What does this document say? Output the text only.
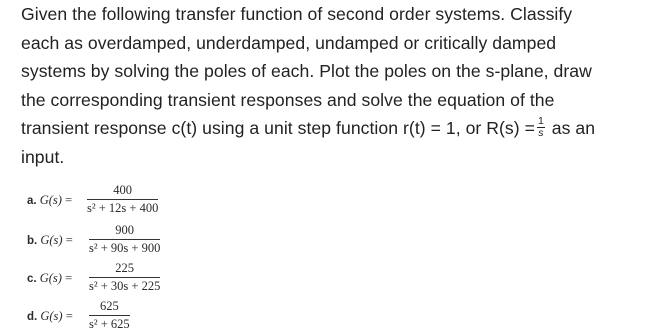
Given the following transfer function of second order systems. Classify
each as overdamped, underdamped, undamped or critically damped
systems by solving the poles of each. Plot the poles on the s-plane, draw
the corresponding transient responses and solve the equation of the
transient response c(t) using a unit step function r(t) = 1, or $R(s) = \frac{1}{s}$ as an
input.
a. $G(s) = \frac{400}{\text{s² + 12s + 400}}$
b. $G(s) = \frac{900}{\text{s² + 90s + 900}}$
c. $G(s) = \frac{225}{\text{s² + 30s + 225}}$
d. $G(s) = \frac{625}{\text{s² + 625}}$
